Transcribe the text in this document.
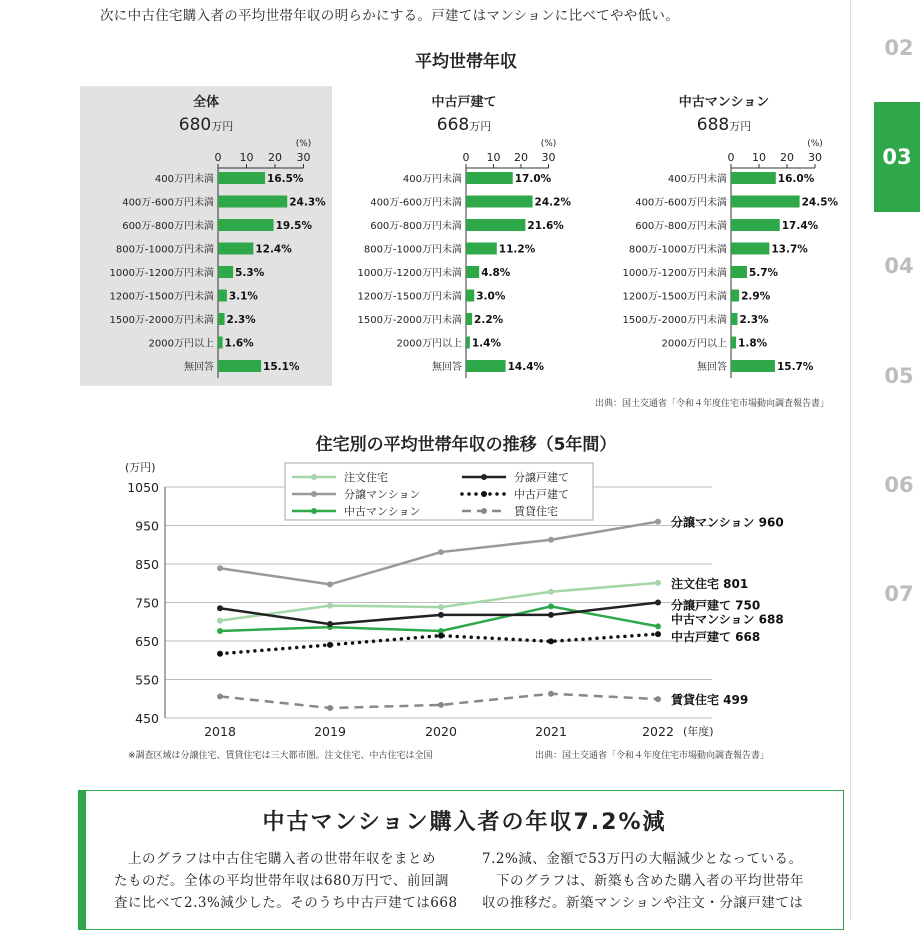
次に中古住宅購入者の平均世帯年収の明らかにする。戸建てはマンションに比べてやや低い。
平均世帯年収
全体
680万円
(%)
0 10 20 30
400万円未満	16.5%
400万-600万円未満	24.3%
600万-800万円未満	19.5%
800万-1000万円未満	12.4%
1000万-1200万円未満 5.3%
1200万-1500万円未満 3.1%
1500万-2000万円未満 2.3%
2000万円以上 1.6%
無回答	15.1%
中古戸建て
668万円
(%)
0 10 20 30
400万円未満	17.0%
400万-600万円未満	24.2%
600万-800万円未満	21.6%
800万-1000万円未満	11.2%
1000万-1200万円未満 4.8%
1200万-1500万円未満 3.0%
1500万-2000万円未満 2.2%
2000万円以上 1.4%
無回答	14.4%
中古マンション
688万円
(%)
0 10 20 30
400万円未満	16.0%
400万-600万円未満	24.5%
600万-800万円未満	17.4%
800万-1000万円未満	13.7%
1000万-1200万円未満 5.7%
1200万-1500万円未満 2.9%
1500万-2000万円未満 2.3%
2000万円以上 1.8%
無回答	15.7%
出典：国土交通省「令和４年度住宅市場動向調査報告書」
住宅別の平均世帯年収の推移（5年間）
450
550
650
750
850
950
1050
(万円)
2018	2019	2020	2021	2022 (年度)
注文住宅 801
分譲マンション 960
中古マンション 688
分譲戸建て 750
中古戸建て 668
賃貸住宅 499
注文住宅	分譲戸建て
分譲マンション	中古戸建て
中古マンション	賃貸住宅
※調査区域は分譲住宅、賃貸住宅は三大都市圏。注文住宅、中古住宅は全国	出典：国土交通省「令和４年度住宅市場動向調査報告書」
02
03
04
05
06
07
中古マンション購入者の年収7.2%減
　上のグラフは中古住宅購入者の世帯年収をまとめ
たものだ。全体の平均世帯年収は680万円で、前回調
査に比べて2.3%減少した。そのうち中古戸建ては668
7.2%減、金額で53万円の大幅減少となっている。
　下のグラフは、新築も含めた購入者の平均世帯年
収の推移だ。新築マンションや注文・分譲戸建ては
